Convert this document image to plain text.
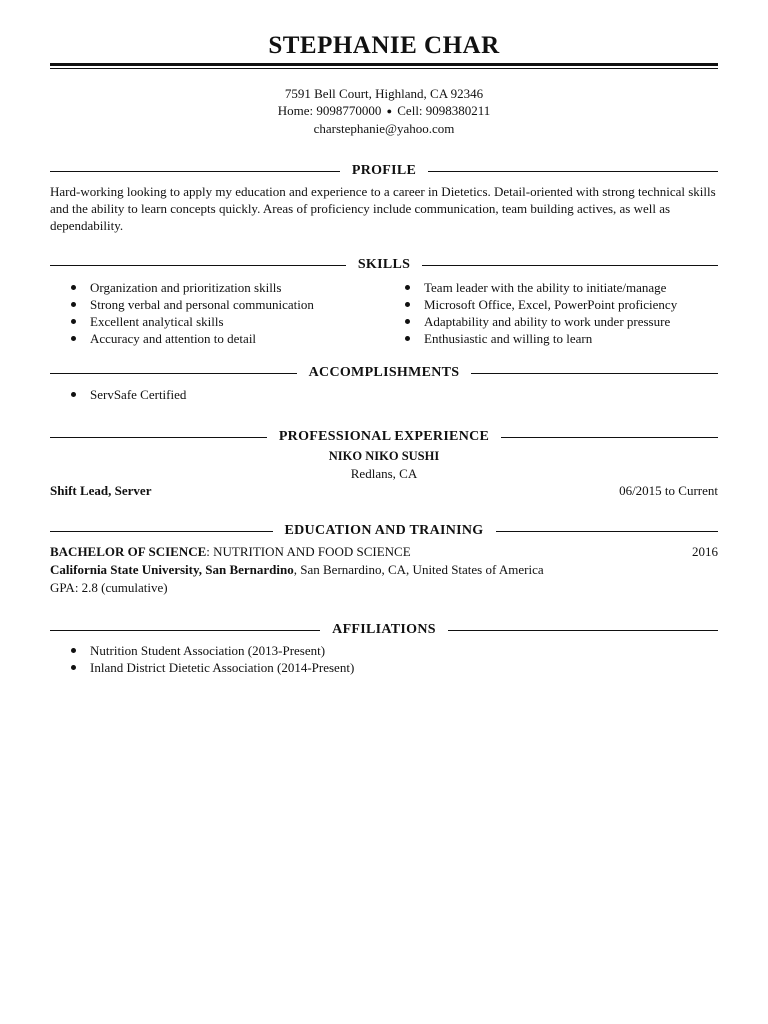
STEPHANIE CHAR
7591 Bell Court, Highland, CA 92346
Home: 9098770000 ● Cell: 9098380211
charstephanie@yahoo.com
PROFILE
Hard-working looking to apply my education and experience to a career in Dietetics. Detail-oriented with strong technical skills and the ability to learn concepts quickly. Areas of proficiency include communication, team building actives, as well as dependability.
SKILLS
Organization and prioritization skills
Strong verbal and personal communication
Excellent analytical skills
Accuracy and attention to detail
Team leader with the ability to initiate/manage
Microsoft Office, Excel, PowerPoint proficiency
Adaptability and ability to work under pressure
Enthusiastic and willing to learn
ACCOMPLISHMENTS
ServSafe Certified
PROFESSIONAL EXPERIENCE
NIKO NIKO SUSHI
Redlans, CA
Shift Lead, Server	06/2015 to Current
EDUCATION AND TRAINING
BACHELOR OF SCIENCE: NUTRITION AND FOOD SCIENCE	2016
California State University, San Bernardino, San Bernardino, CA, United States of America
GPA: 2.8 (cumulative)
AFFILIATIONS
Nutrition Student Association (2013-Present)
Inland District Dietetic Association (2014-Present)
